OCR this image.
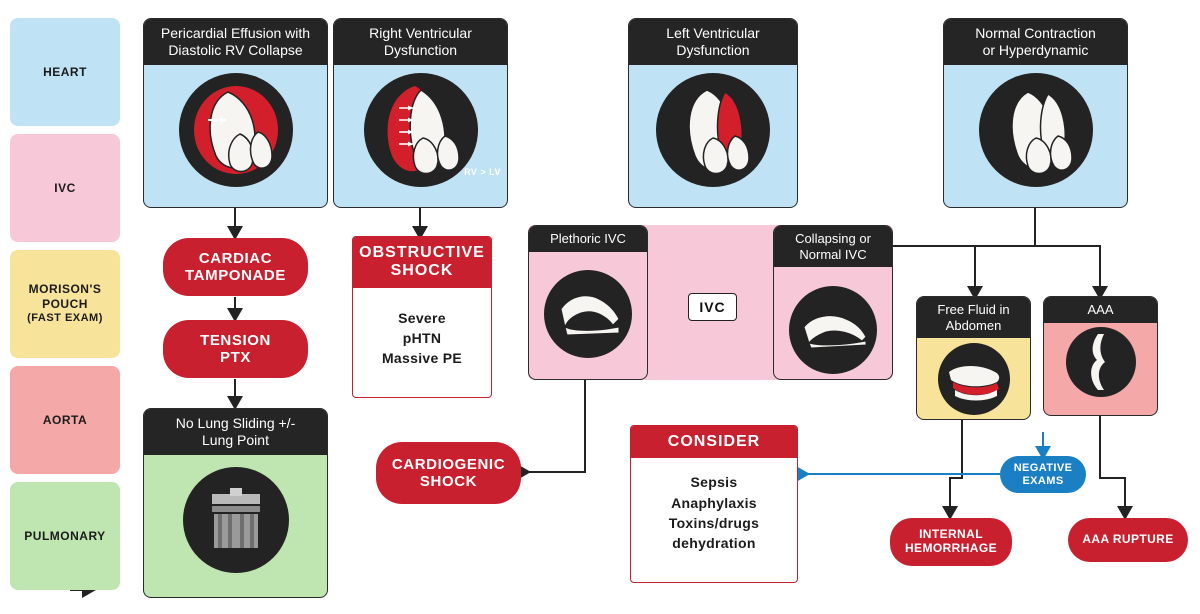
HEART
IVC
MORISON'S
POUCH
(FAST EXAM)
AORTA
PULMONARY
Pericardial Effusion with
Diastolic RV Collapse
Right Ventricular
Dysfunction
RV > LV
Left Ventricular
Dysfunction
Normal Contraction
or Hyperdynamic
CARDIAC
TAMPONADE
TENSION
PTX
No Lung Sliding +/-
Lung Point
OBSTRUCTIVE
SHOCK
Severe
pHTN
Massive PE
CARDIOGENIC
SHOCK
Plethoric IVC
IVC
Collapsing or
Normal IVC
CONSIDER
Sepsis
Anaphylaxis
Toxins/drugs
dehydration
Free Fluid in
Abdomen
AAA
NEGATIVE
EXAMS
INTERNAL
HEMORRHAGE
AAA RUPTURE
